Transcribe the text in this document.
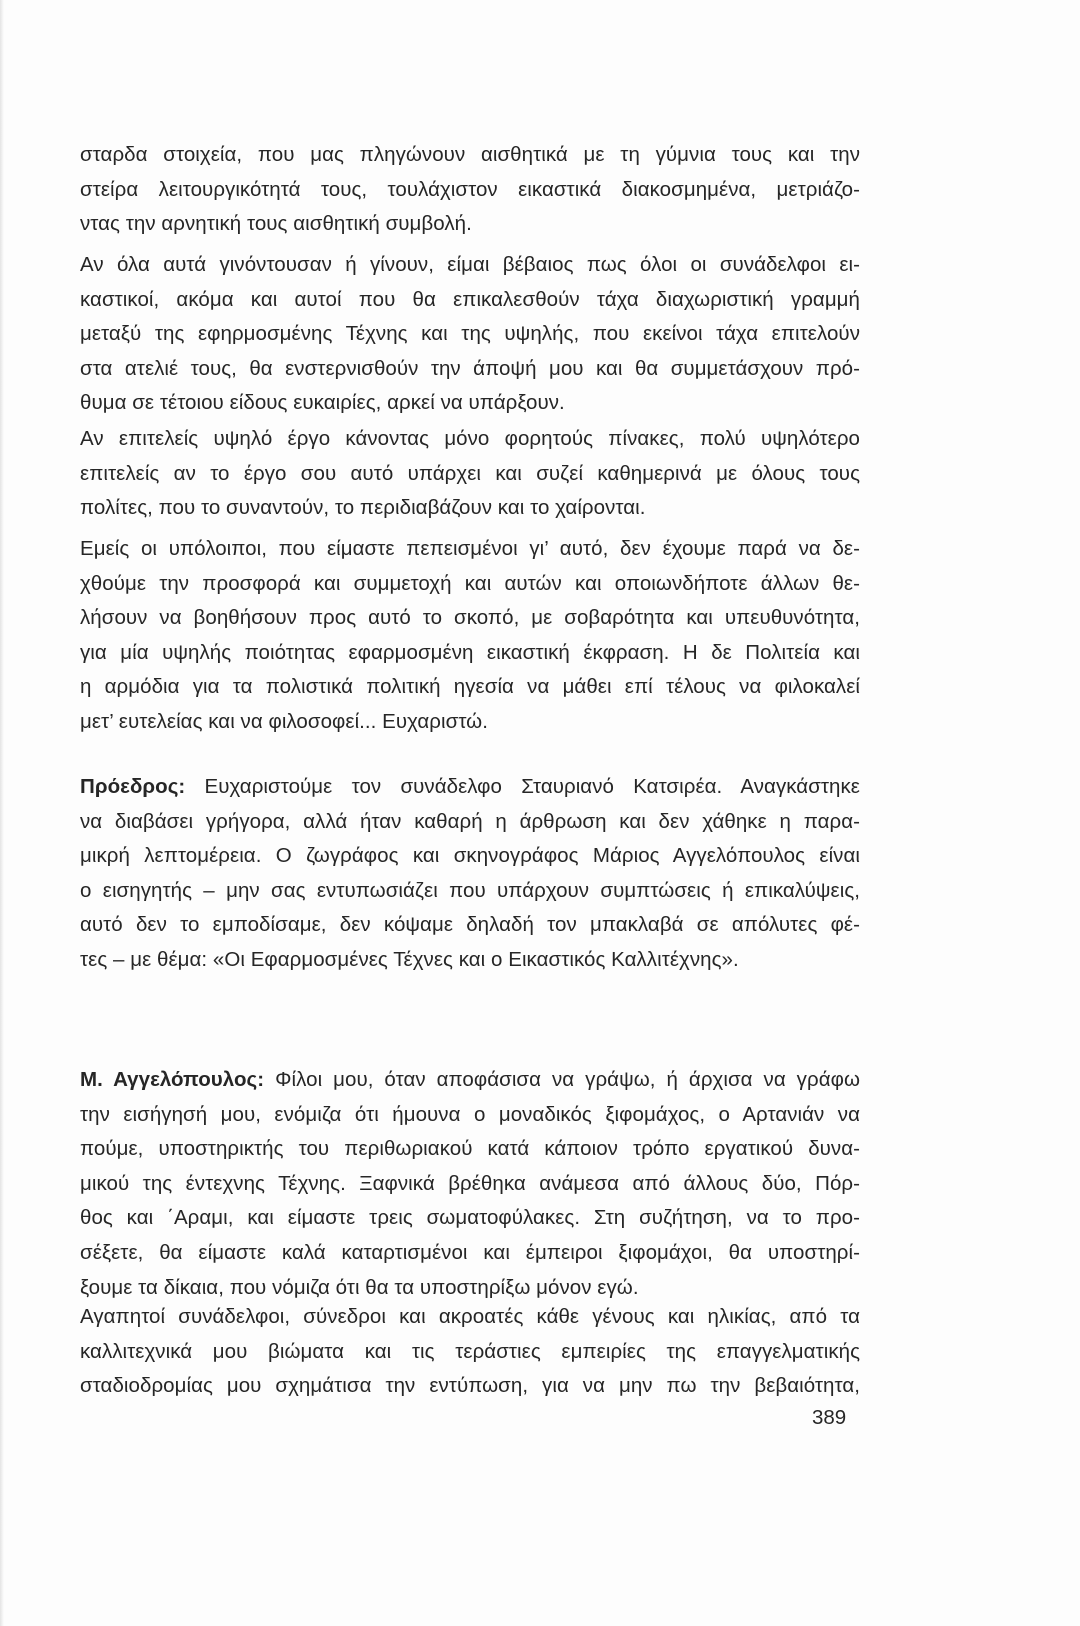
σταρδα στοιχεία, που μας πληγώνουν αισθητικά με τη γύμνια τους και την
στείρα λειτουργικότητά τους, τουλάχιστον εικαστικά διακοσμημένα, μετριάζο-
ντας την αρνητική τους αισθητική συμβολή.
Αν όλα αυτά γινόντουσαν ή γίνουν, είμαι βέβαιος πως όλοι οι συνάδελφοι ει-
καστικοί, ακόμα και αυτοί που θα επικαλεσθούν τάχα διαχωριστική γραμμή
μεταξύ της εφηρμοσμένης Τέχνης και της υψηλής, που εκείνοι τάχα επιτελούν
στα ατελιέ τους, θα ενστερνισθούν την άποψή μου και θα συμμετάσχουν πρό-
θυμα σε τέτοιου είδους ευκαιρίες, αρκεί να υπάρξουν.
Αν επιτελείς υψηλό έργο κάνοντας μόνο φορητούς πίνακες, πολύ υψηλότερο
επιτελείς αν το έργο σου αυτό υπάρχει και συζεί καθημερινά με όλους τους
πολίτες, που το συναντούν, το περιδιαβάζουν και το χαίρονται.
Εμείς οι υπόλοιποι, που είμαστε πεπεισμένοι γι’ αυτό, δεν έχουμε παρά να δε-
χθούμε την προσφορά και συμμετοχή και αυτών και οποιωνδήποτε άλλων θε-
λήσουν να βοηθήσουν προς αυτό το σκοπό, με σοβαρότητα και υπευθυνότητα,
για μία υψηλής ποιότητας εφαρμοσμένη εικαστική έκφραση. Η δε Πολιτεία και
η αρμόδια για τα πολιστικά πολιτική ηγεσία να μάθει επί τέλους να φιλοκαλεί
μετ’ ευτελείας και να φιλοσοφεί... Ευχαριστώ.
Πρόεδρος: Ευχαριστούμε τον συνάδελφο Σταυριανό Κατσιρέα. Αναγκάστηκε
να διαβάσει γρήγορα, αλλά ήταν καθαρή η άρθρωση και δεν χάθηκε η παρα-
μικρή λεπτομέρεια. Ο ζωγράφος και σκηνογράφος Μάριος Αγγελόπουλος είναι
ο εισηγητής – μην σας εντυπωσιάζει που υπάρχουν συμπτώσεις ή επικαλύψεις,
αυτό δεν το εμποδίσαμε, δεν κόψαμε δηλαδή τον μπακλαβά σε απόλυτες φέ-
τες – με θέμα: «Οι Εφαρμοσμένες Τέχνες και ο Εικαστικός Καλλιτέχνης».
Μ. Αγγελόπουλος: Φίλοι μου, όταν αποφάσισα να γράψω, ή άρχισα να γράφω
την εισήγησή μου, ενόμιζα ότι ήμουνα ο μοναδικός ξιφομάχος, ο Αρτανιάν να
πούμε, υποστηρικτής του περιθωριακού κατά κάποιον τρόπο εργατικού δυνα-
μικού της έντεχνης Τέχνης. Ξαφνικά βρέθηκα ανάμεσα από άλλους δύο, Πόρ-
θος και ΄Αραμι, και είμαστε τρεις σωματοφύλακες. Στη συζήτηση, να το προ-
σέξετε, θα είμαστε καλά καταρτισμένοι και έμπειροι ξιφομάχοι, θα υποστηρί-
ξουμε τα δίκαια, που νόμιζα ότι θα τα υποστηρίξω μόνον εγώ.
Αγαπητοί συνάδελφοι, σύνεδροι και ακροατές κάθε γένους και ηλικίας, από τα
καλλιτεχνικά μου βιώματα και τις τεράστιες εμπειρίες της επαγγελματικής
σταδιοδρομίας μου σχημάτισα την εντύπωση, για να μην πω την βεβαιότητα,
389
